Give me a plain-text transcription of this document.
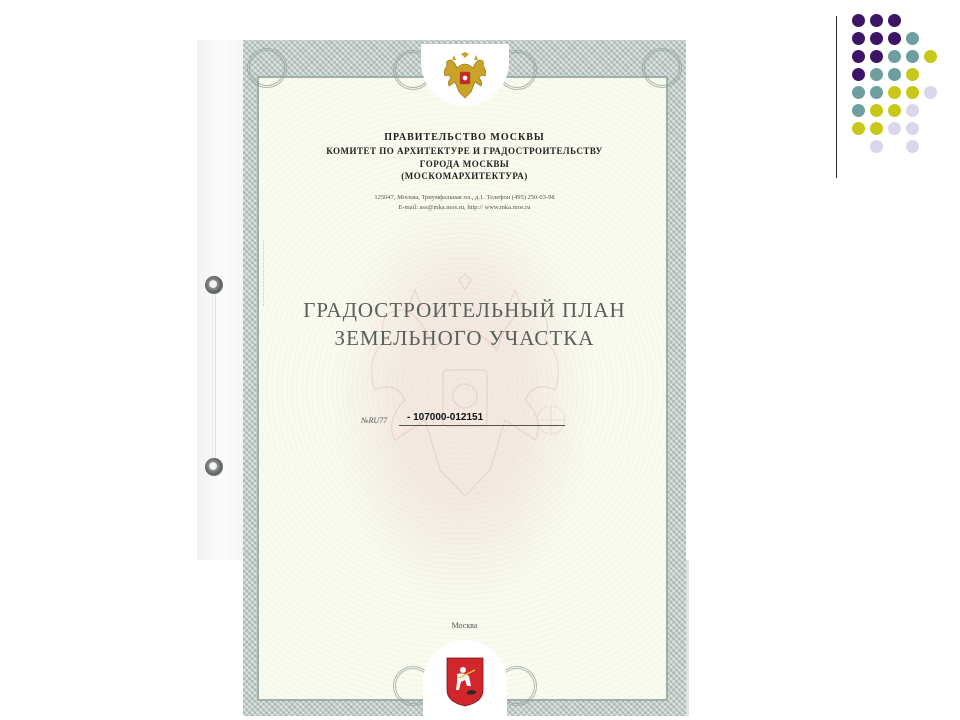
~~~~~~~~~~~~~~~~~~	~~~~~~~~~~~~~~~~~~
ПРАВИТЕЛЬСТВО МОСКВЫ
КОМИТЕТ ПО АРХИТЕКТУРЕ И ГРАДОСТРОИТЕЛЬСТВУ
ГОРОДА МОСКВЫ
(МОСКОМАРХИТЕКТУРА)
125047, Москва, Триумфальная пл., д.1. Телефон (495) 250-03-98
E-mail: ass@mka.mos.ru, http:// www.mka.mos.ru
ГРАДОСТРОИТЕЛЬНЫЙ ПЛАН
ЗЕМЕЛЬНОГО УЧАСТКА
№RU77 - 107000-012151
Москва
